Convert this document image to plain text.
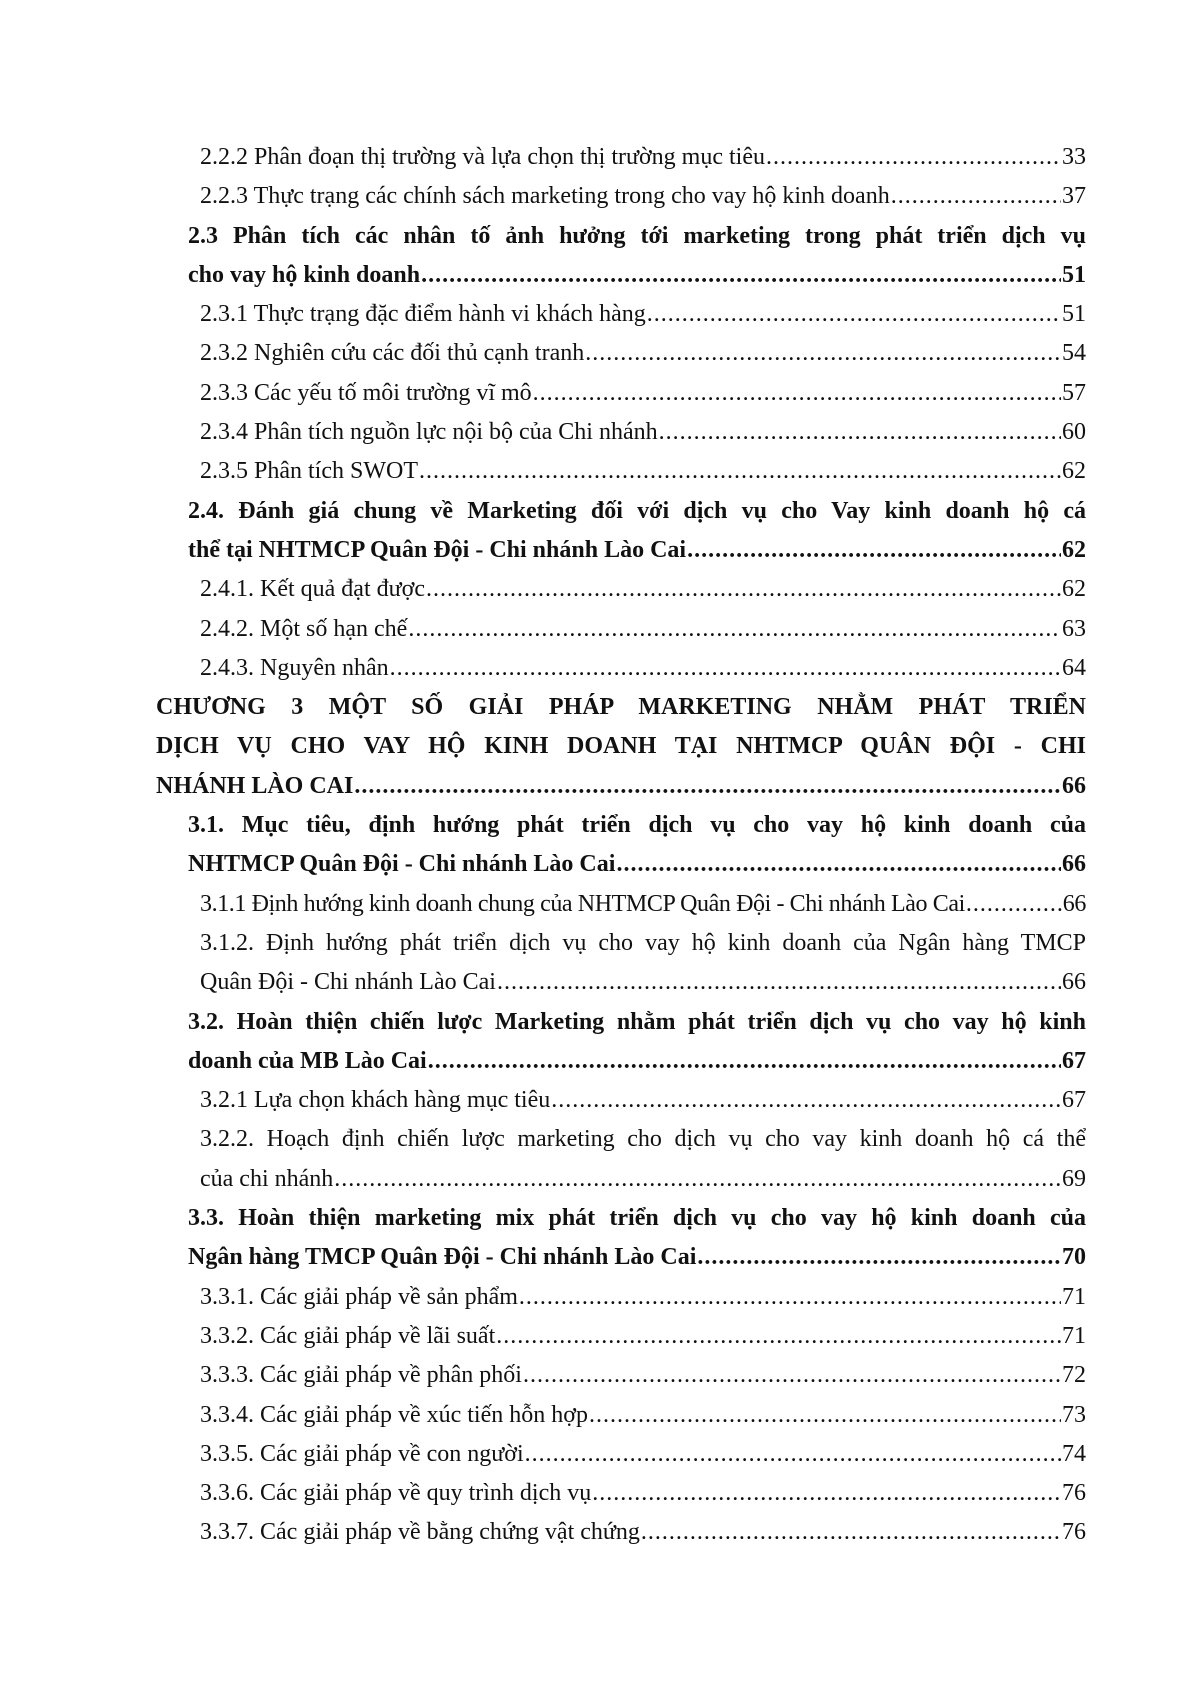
2.2.2 Phân đoạn thị trường và lựa chọn thị trường mục tiêu .....	33
2.2.3 Thực trạng các chính sách marketing trong cho vay hộ kinh doanh .....	37
2.3 Phân tích các nhân tố ảnh hưởng tới marketing trong phát triển dịch vụ
cho vay hộ kinh doanh .....	51
2.3.1 Thực trạng đặc điểm hành vi khách hàng .....	51
2.3.2 Nghiên cứu các đối thủ cạnh tranh .....	54
2.3.3 Các yếu tố môi trường vĩ mô .....	57
2.3.4 Phân tích nguồn lực nội bộ của Chi nhánh .....	60
2.3.5 Phân tích SWOT .....	62
2.4. Đánh giá chung về Marketing đối với dịch vụ cho Vay kinh doanh hộ cá
thể tại NHTMCP Quân Đội - Chi nhánh Lào Cai .....	62
2.4.1. Kết quả đạt được .....	62
2.4.2. Một số hạn chế .....	63
2.4.3. Nguyên nhân .....	64
CHƯƠNG 3 MỘT SỐ GIẢI PHÁP MARKETING NHẰM PHÁT TRIỂN
DỊCH VỤ CHO VAY HỘ KINH DOANH TẠI NHTMCP QUÂN ĐỘI - CHI
NHÁNH LÀO CAI .....	66
3.1. Mục tiêu, định hướng phát triển dịch vụ cho vay hộ kinh doanh của
NHTMCP Quân Đội - Chi nhánh Lào Cai .....	66
3.1.1 Định hướng kinh doanh chung của NHTMCP Quân Đội - Chi nhánh Lào Cai .....	66
3.1.2. Định hướng phát triển dịch vụ cho vay hộ kinh doanh của Ngân hàng TMCP
Quân Đội - Chi nhánh Lào Cai .....	66
3.2. Hoàn thiện chiến lược Marketing nhằm phát triển dịch vụ cho vay hộ kinh
doanh của MB Lào Cai .....	67
3.2.1 Lựa chọn khách hàng mục tiêu .....	67
3.2.2. Hoạch định chiến lược marketing cho dịch vụ cho vay kinh doanh hộ cá thể
của chi nhánh .....	69
3.3. Hoàn thiện marketing mix phát triển dịch vụ cho vay hộ kinh doanh của
Ngân hàng TMCP Quân Đội - Chi nhánh Lào Cai .....	70
3.3.1. Các giải pháp về sản phẩm .....	71
3.3.2. Các giải pháp về lãi suất .....	71
3.3.3. Các giải pháp về phân phối .....	72
3.3.4. Các giải pháp về xúc tiến hỗn hợp .....	73
3.3.5. Các giải pháp về con người .....	74
3.3.6. Các giải pháp về quy trình dịch vụ .....	76
3.3.7. Các giải pháp về bằng chứng vật chứng .....	76
